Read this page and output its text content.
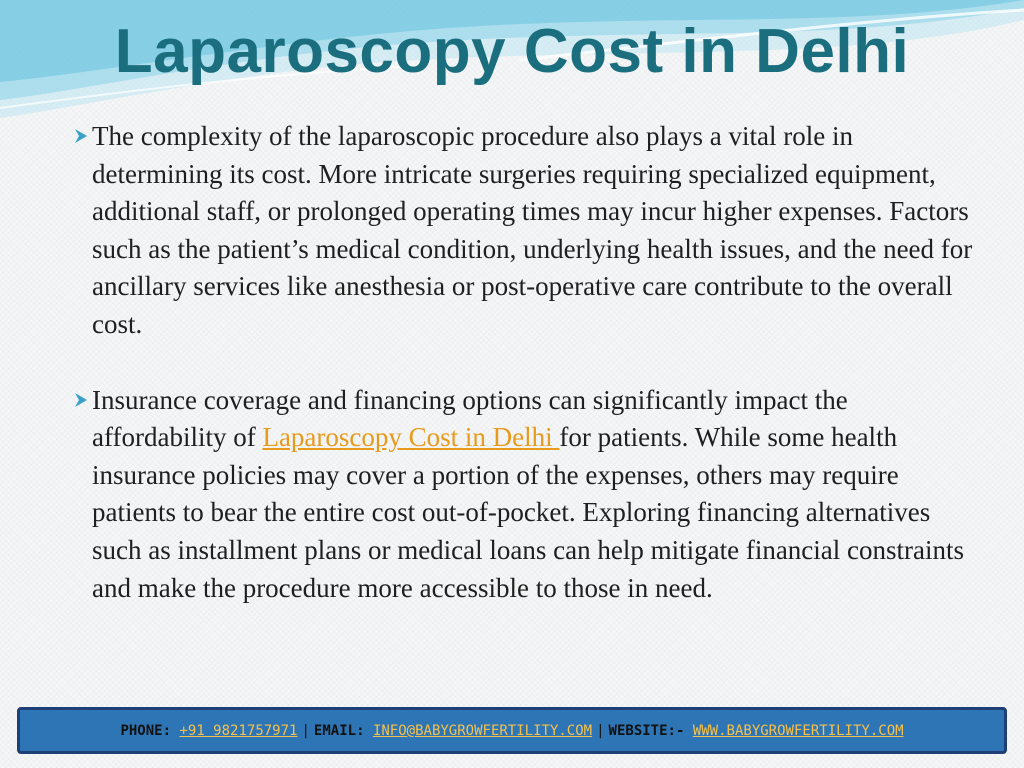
Laparoscopy Cost in Delhi
The complexity of the laparoscopic procedure also plays a vital role in determining its cost. More intricate surgeries requiring specialized equipment, additional staff, or prolonged operating times may incur higher expenses. Factors such as the patient’s medical condition, underlying health issues, and the need for ancillary services like anesthesia or post-operative care contribute to the overall cost.
Insurance coverage and financing options can significantly impact the affordability of Laparoscopy Cost in Delhi for patients. While some health insurance policies may cover a portion of the expenses, others may require patients to bear the entire cost out-of-pocket. Exploring financing alternatives such as installment plans or medical loans can help mitigate financial constraints and make the procedure more accessible to those in need.
PHONE:
+91 9821757971 | EMAIL:
INFO@BABYGROWFERTILITY.COM | WEBSITE:-
WWW.BABYGROWFERTILITY.COM
